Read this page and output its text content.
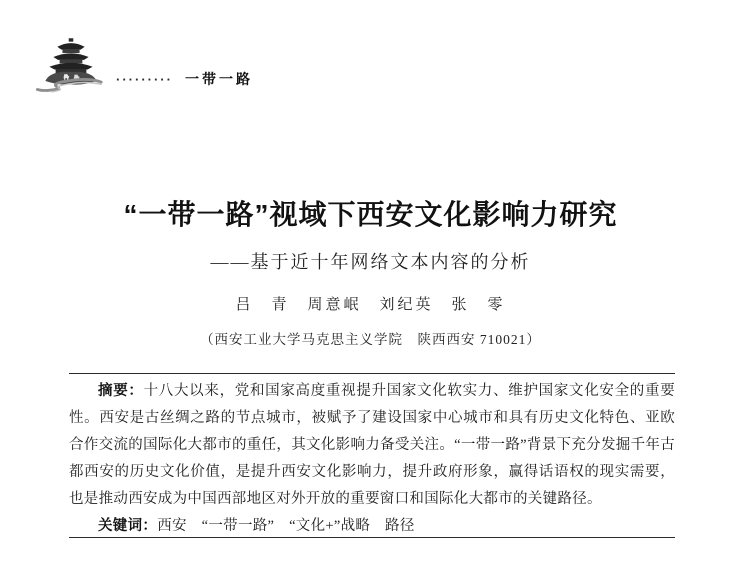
········· 一带一路
“一带一路”视域下西安文化影响力研究
——基于近十年网络文本内容的分析
吕　青　周意岷　刘纪英　张　零
（西安工业大学马克思主义学院　陕西西安 710021）

摘要：十八大以来，党和国家高度重视提升国家文化软实力、维护国家文化安全的重要性。西安是古丝绸之路的节点城市，被赋予了建设国家中心城市和具有历史文化特色、亚欧合作交流的国际化大都市的重任，其文化影响力备受关注。“一带一路”背景下充分发掘千年古都西安的历史文化价值，是提升西安文化影响力，提升政府形象，赢得话语权的现实需要，也是推动西安成为中国西部地区对外开放的重要窗口和国际化大都市的关键路径。

关键词：西安　“一带一路”　“文化+”战略　路径
